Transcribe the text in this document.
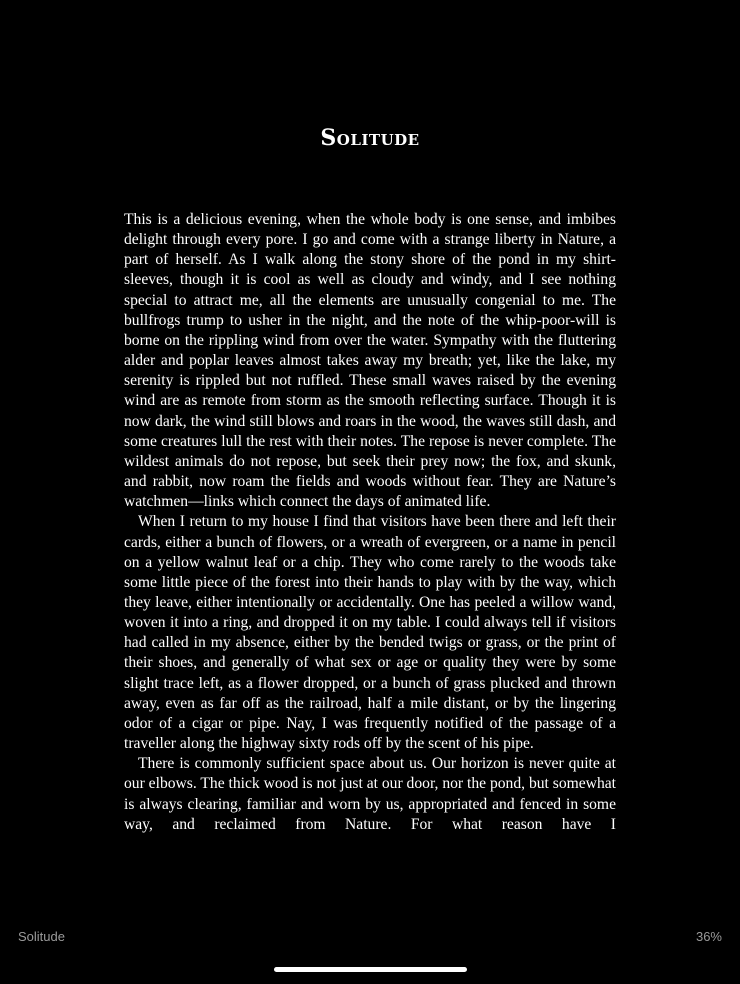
Solitude

This is a delicious evening, when the whole body is one sense, and imbibes delight through every pore. I go and come with a strange liberty in Nature, a part of herself. As I walk along the stony shore of the pond in my shirt-sleeves, though it is cool as well as cloudy and windy, and I see nothing special to attract me, all the elements are unusually congenial to me. The bullfrogs trump to usher in the night, and the note of the whip-poor-will is borne on the rippling wind from over the water. Sympathy with the fluttering alder and poplar leaves almost takes away my breath; yet, like the lake, my serenity is rippled but not ruffled. These small waves raised by the evening wind are as remote from storm as the smooth reflecting surface. Though it is now dark, the wind still blows and roars in the wood, the waves still dash, and some creatures lull the rest with their notes. The repose is never complete. The wildest animals do not repose, but seek their prey now; the fox, and skunk, and rabbit, now roam the fields and woods without fear. They are Nature’s watchmen—links which connect the days of animated life.

When I return to my house I find that visitors have been there and left their cards, either a bunch of flowers, or a wreath of evergreen, or a name in pencil on a yellow walnut leaf or a chip. They who come rarely to the woods take some little piece of the forest into their hands to play with by the way, which they leave, either intentionally or accidentally. One has peeled a willow wand, woven it into a ring, and dropped it on my table. I could always tell if visitors had called in my absence, either by the bended twigs or grass, or the print of their shoes, and generally of what sex or age or quality they were by some slight trace left, as a flower dropped, or a bunch of grass plucked and thrown away, even as far off as the railroad, half a mile distant, or by the lingering odor of a cigar or pipe. Nay, I was frequently notified of the passage of a traveller along the highway sixty rods off by the scent of his pipe.

There is commonly sufficient space about us. Our horizon is never quite at our elbows. The thick wood is not just at our door, nor the pond, but somewhat is always clearing, familiar and worn by us, appropriated and fenced in some way, and reclaimed from Nature. For what reason have I

Solitude	36%
